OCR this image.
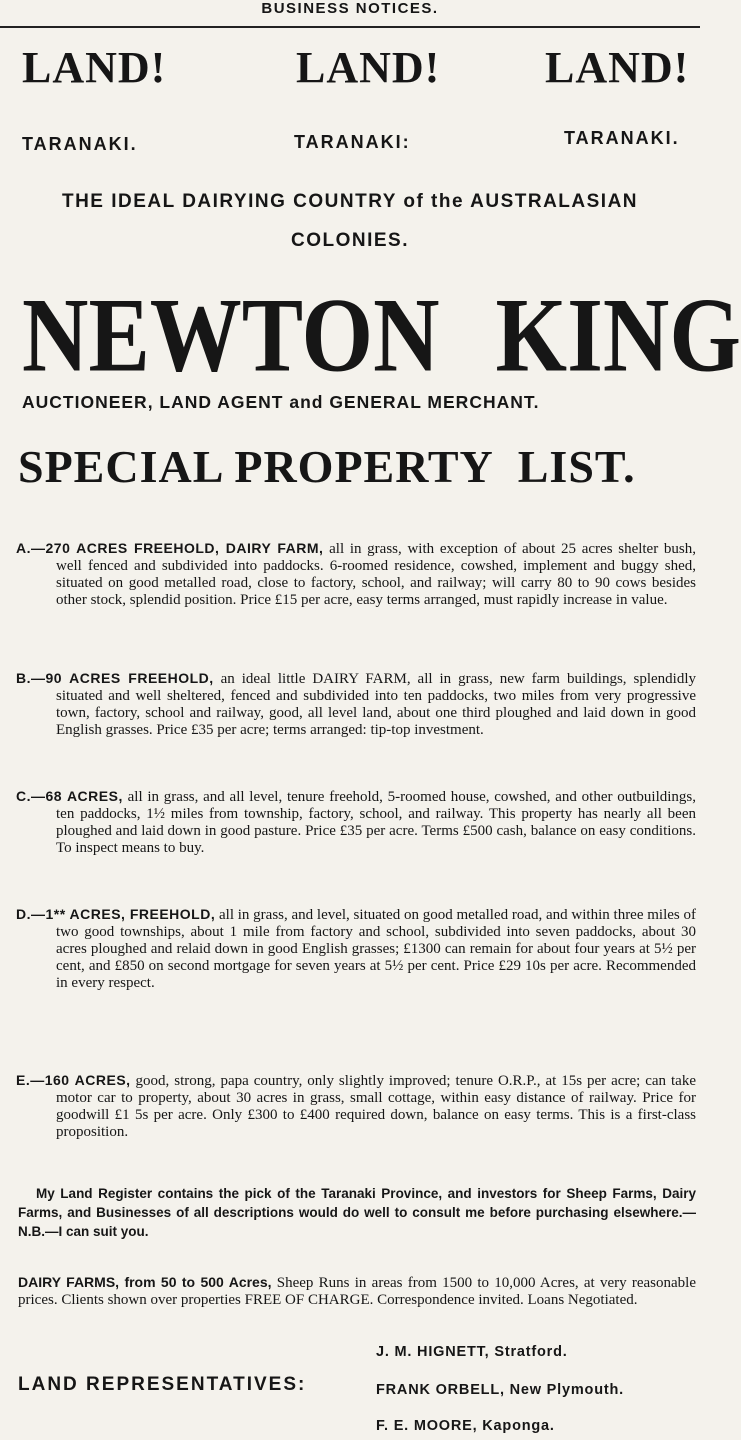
BUSINESS NOTICES.
LAND!	LAND! LAND!
TARANAKI.	TARANAKI:	TARANAKI.
THE IDEAL DAIRYING COUNTRY of the AUSTRALASIAN
COLONIES.
NEWTON KING
AUCTIONEER, LAND AGENT and GENERAL MERCHANT.
SPECIAL PROPERTY LIST.
A.—270 ACRES FREEHOLD, DAIRY FARM, all in grass, with exception of about 25 acres shelter bush, well fenced and subdivided into paddocks. 6-roomed residence, cowshed, implement and buggy shed, situated on good metalled road, close to factory, school, and railway; will carry 80 to 90 cows besides other stock, splendid position. Price £15 per acre, easy terms arranged, must rapidly increase in value.
B.—90 ACRES FREEHOLD, an ideal little DAIRY FARM, all in grass, new farm buildings, splendidly situated and well sheltered, fenced and subdivided into ten paddocks, two miles from very progressive town, factory, school and railway, good, all level land, about one third ploughed and laid down in good English grasses. Price £35 per acre; terms arranged: tip-top investment.
C.—68 ACRES, all in grass, and all level, tenure freehold, 5-roomed house, cowshed, and other outbuildings, ten paddocks, 1½ miles from township, factory, school, and railway. This property has nearly all been ploughed and laid down in good pasture. Price £35 per acre. Terms £500 cash, balance on easy conditions. To inspect means to buy.
D.—1** ACRES, FREEHOLD, all in grass, and level, situated on good metalled road, and within three miles of two good townships, about 1 mile from factory and school, subdivided into seven paddocks, about 30 acres ploughed and relaid down in good English grasses; £1300 can remain for about four years at 5½ per cent, and £850 on second mortgage for seven years at 5½ per cent. Price £29 10s per acre. Recommended in every respect.
E.—160 ACRES, good, strong, papa country, only slightly improved; tenure O.R.P., at 15s per acre; can take motor car to property, about 30 acres in grass, small cottage, within easy distance of railway. Price for goodwill £1 5s per acre. Only £300 to £400 required down, balance on easy terms. This is a first-class proposition.
My Land Register contains the pick of the Taranaki Province, and investors for Sheep Farms, Dairy Farms, and Businesses of all descriptions would do well to consult me before purchasing elsewhere.—N.B.—I can suit you.
DAIRY FARMS, from 50 to 500 Acres, Sheep Runs in areas from 1500 to 10,000 Acres, at very reasonable prices. Clients shown over properties FREE OF CHARGE. Correspondence invited. Loans Negotiated.
LAND REPRESENTATIVES:
J. M. HIGNETT, Stratford.
FRANK ORBELL, New Plymouth.
F. E. MOORE, Kaponga.
